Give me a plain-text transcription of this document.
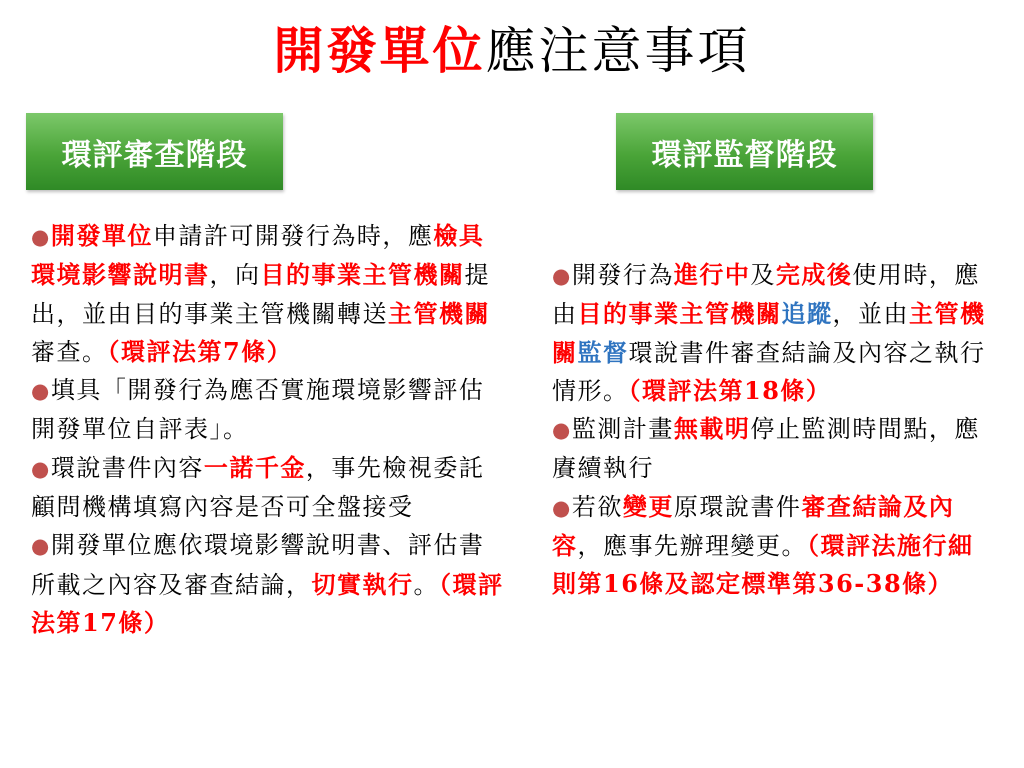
開發單位應注意事項
環評審查階段	環評監督階段

●開發單位申請許可開發行為時，應檢具環境影響說明書，向目的事業主管機關提出，並由目的事業主管機關轉送主管機關審查。（環評法第7條）

●填具「開發行為應否實施環境影響評估開發單位自評表」。

●環說書件內容一諾千金，事先檢視委託顧問機構填寫內容是否可全盤接受

●開發單位應依環境影響說明書、評估書所載之內容及審查結論，切實執行。（環評法第17條）

●開發行為進行中及完成後使用時，應由目的事業主管機關追蹤，並由主管機關監督環說書件審查結論及內容之執行情形。（環評法第18條）

●監測計畫無載明停止監測時間點，應賡續執行

●若欲變更原環說書件審查結論及內容，應事先辦理變更。（環評法施行細則第16條及認定標準第36-38條）
